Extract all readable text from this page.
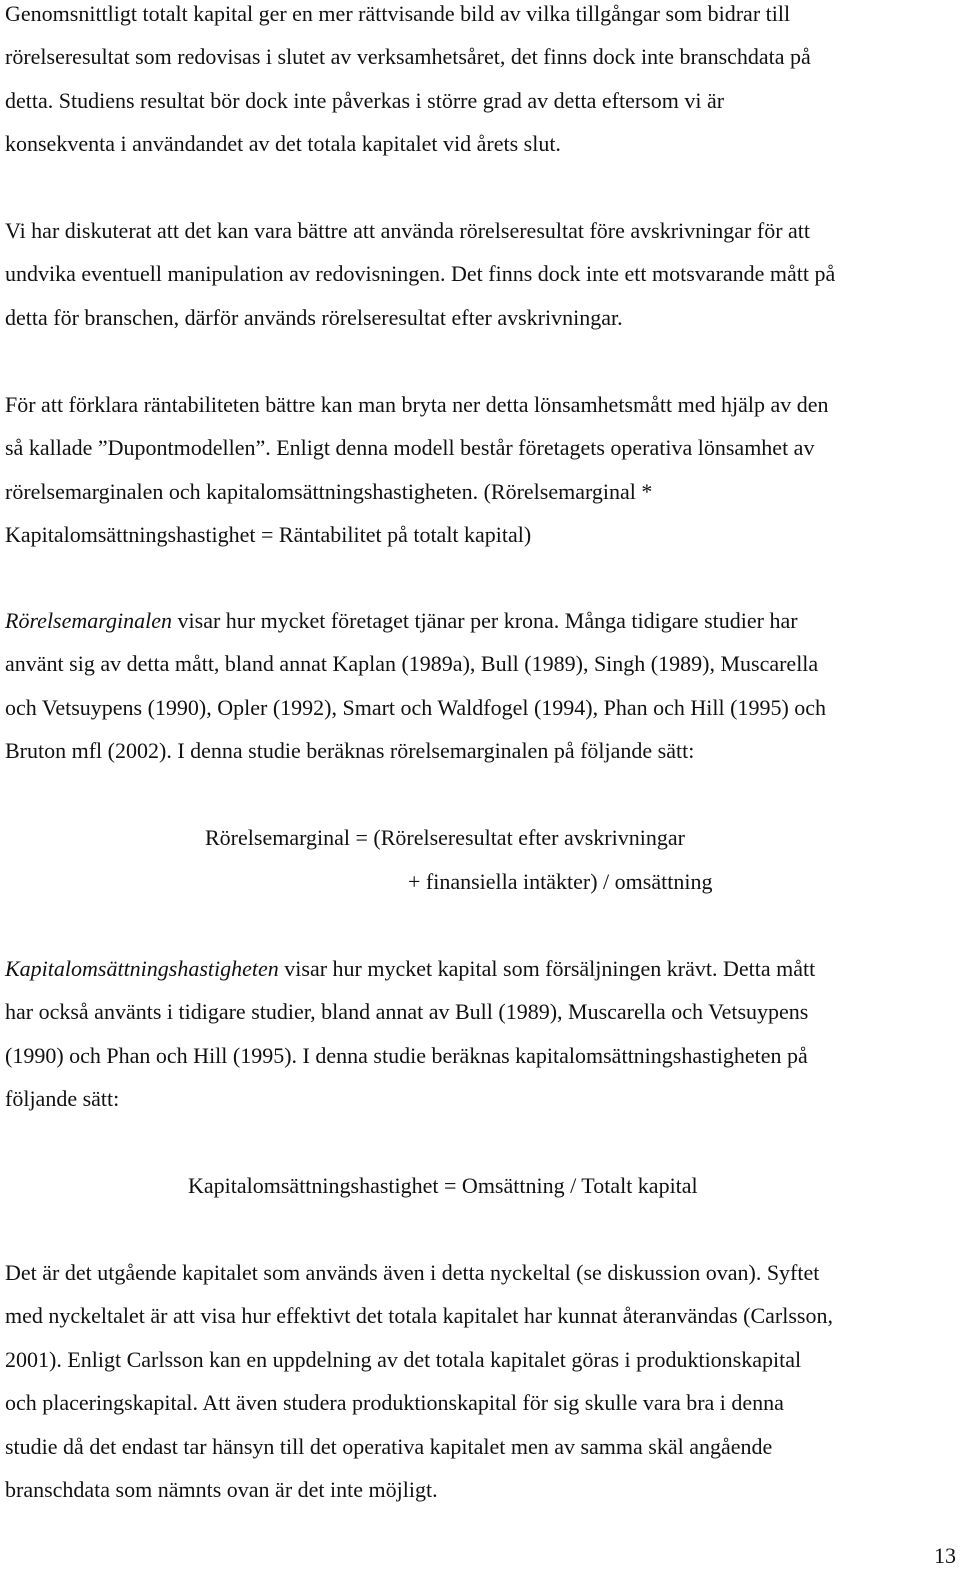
Genomsnittligt totalt kapital ger en mer rättvisande bild av vilka tillgångar som bidrar till
rörelseresultat som redovisas i slutet av verksamhetsåret, det finns dock inte branschdata på
detta. Studiens resultat bör dock inte påverkas i större grad av detta eftersom vi är
konsekventa i användandet av det totala kapitalet vid årets slut.

Vi har diskuterat att det kan vara bättre att använda rörelseresultat före avskrivningar för att
undvika eventuell manipulation av redovisningen. Det finns dock inte ett motsvarande mått på
detta för branschen, därför används rörelseresultat efter avskrivningar.

För att förklara räntabiliteten bättre kan man bryta ner detta lönsamhetsmått med hjälp av den
så kallade ”Dupontmodellen”. Enligt denna modell består företagets operativa lönsamhet av
rörelsemarginalen och kapitalomsättningshastigheten. (Rörelsemarginal *
Kapitalomsättningshastighet = Räntabilitet på totalt kapital)

Rörelsemarginalen visar hur mycket företaget tjänar per krona. Många tidigare studier har
använt sig av detta mått, bland annat Kaplan (1989a), Bull (1989), Singh (1989), Muscarella
och Vetsuypens (1990), Opler (1992), Smart och Waldfogel (1994), Phan och Hill (1995) och
Bruton mfl (2002). I denna studie beräknas rörelsemarginalen på följande sätt:

Rörelsemarginal = (Rörelseresultat efter avskrivningar

+ finansiella intäkter) / omsättning

Kapitalomsättningshastigheten visar hur mycket kapital som försäljningen krävt. Detta mått
har också använts i tidigare studier, bland annat av Bull (1989), Muscarella och Vetsuypens
(1990) och Phan och Hill (1995). I denna studie beräknas kapitalomsättningshastigheten på
följande sätt:

Kapitalomsättningshastighet = Omsättning / Totalt kapital

Det är det utgående kapitalet som används även i detta nyckeltal (se diskussion ovan). Syftet
med nyckeltalet är att visa hur effektivt det totala kapitalet har kunnat återanvändas (Carlsson,
2001). Enligt Carlsson kan en uppdelning av det totala kapitalet göras i produktionskapital
och placeringskapital. Att även studera produktionskapital för sig skulle vara bra i denna
studie då det endast tar hänsyn till det operativa kapitalet men av samma skäl angående
branschdata som nämnts ovan är det inte möjligt.

13
